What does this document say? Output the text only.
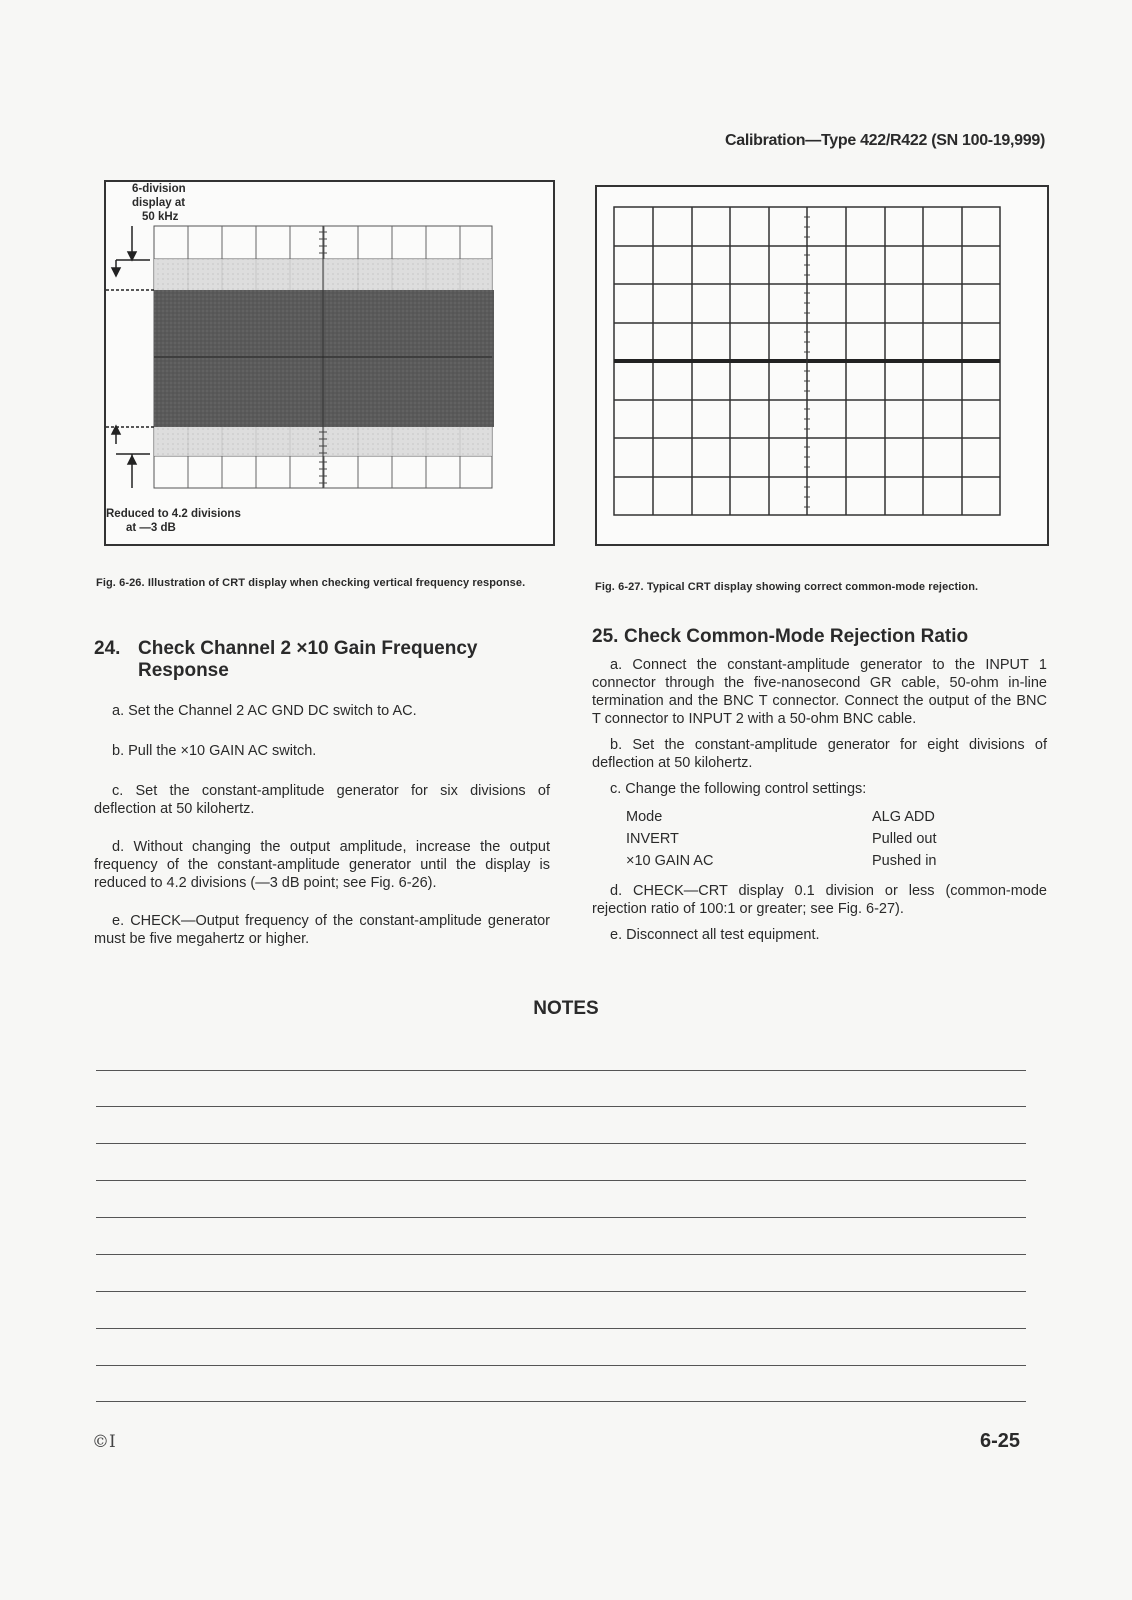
Calibration—Type 422/R422 (SN 100-19,999)
6-division
display at
50 kHz
Reduced to 4.2 divisions
at —3 dB
Fig. 6-26. Illustration of CRT display when checking vertical frequency response.	Fig. 6-27. Typical CRT display showing correct common-mode rejection.
24. Check Channel 2 ×10 Gain Frequency
Response

a. Set the Channel 2 AC GND DC switch to AC.

b. Pull the ×10 GAIN AC switch.

c. Set the constant-amplitude generator for six divisions of deflection at 50 kilohertz.

d. Without changing the output amplitude, increase the output frequency of the constant-amplitude generator until the display is reduced to 4.2 divisions (—3 dB point; see Fig. 6-26).

e. CHECK—Output frequency of the constant-amplitude generator must be five megahertz or higher.

25. Check Common-Mode Rejection Ratio

a. Connect the constant-amplitude generator to the INPUT 1 connector through the five-nanosecond GR cable, 50-ohm in-line termination and the BNC T connector. Connect the output of the BNC T connector to INPUT 2 with a 50-ohm BNC cable.

b. Set the constant-amplitude generator for eight divisions of deflection at 50 kilohertz.

c. Change the following control settings:

Mode	ALG ADD
INVERT	Pulled out
×10 GAIN AC	Pushed in

d. CHECK—CRT display 0.1 division or less (common-mode rejection ratio of 100:1 or greater; see Fig. 6-27).

e. Disconnect all test equipment.

NOTES
©Ⅰ	6-25
